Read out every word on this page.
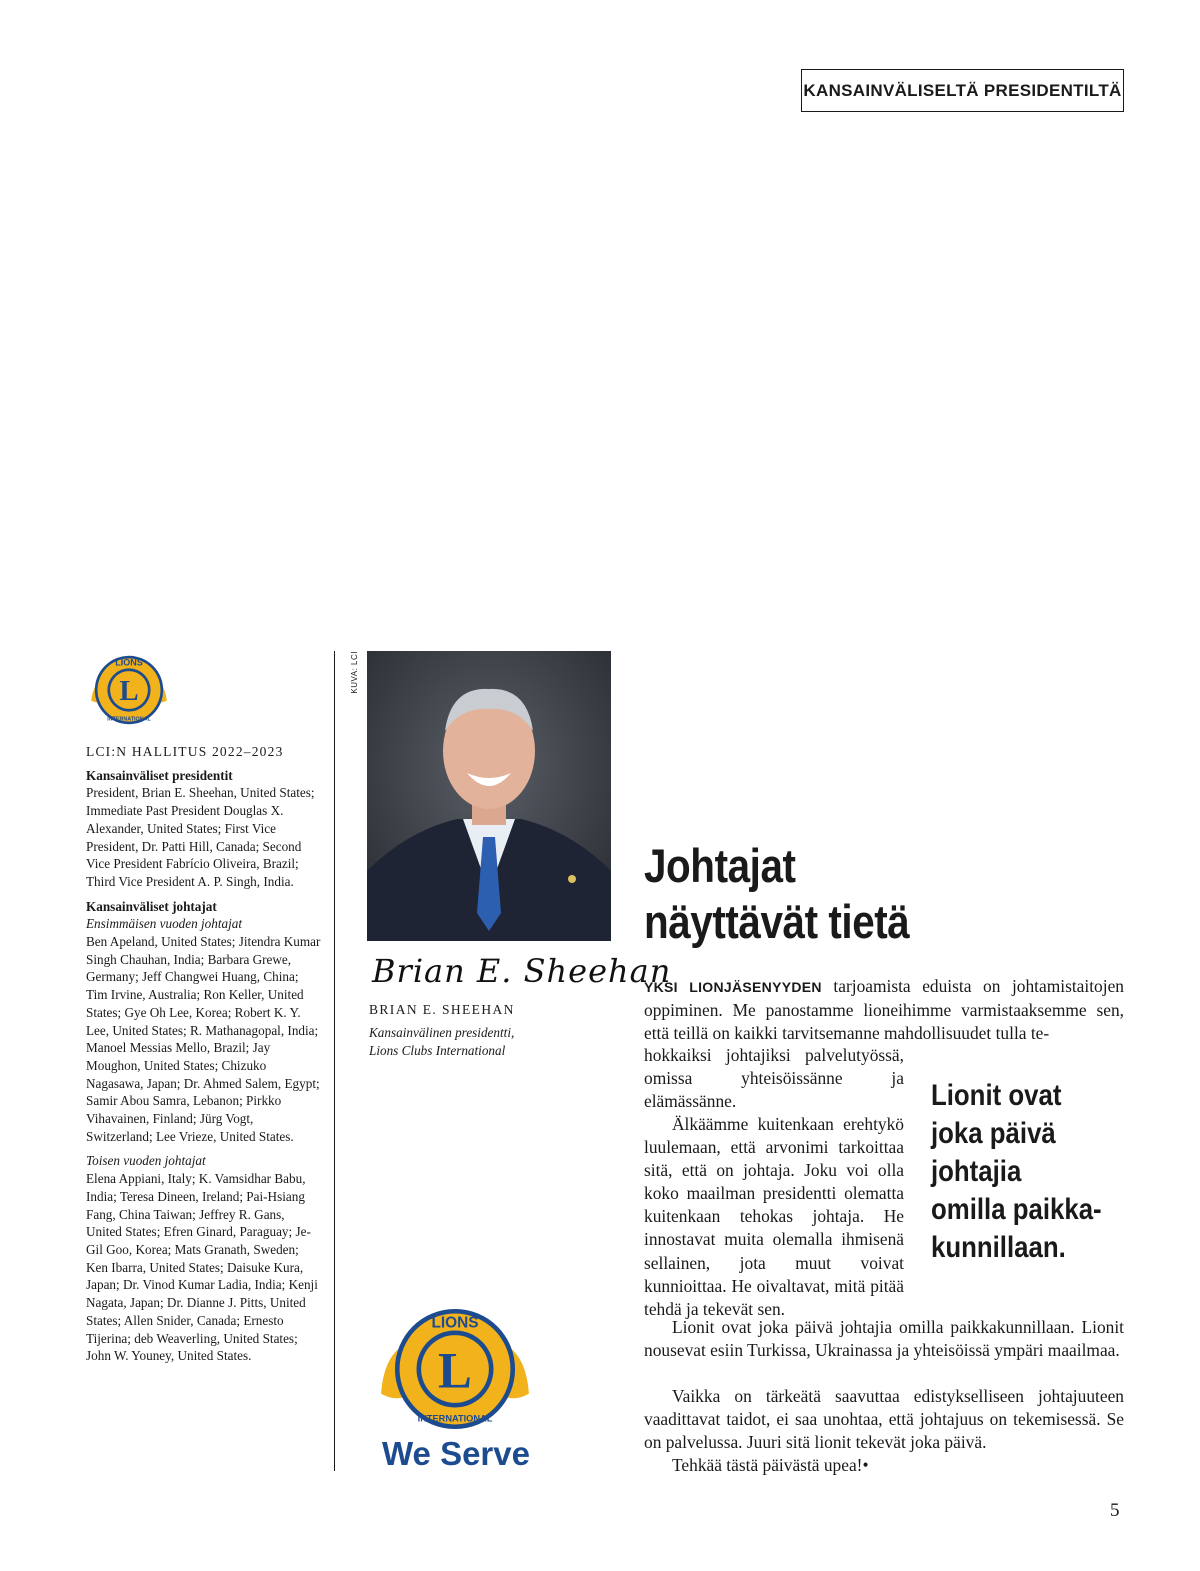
KANSAINVÄLISELTÄ PRESIDENTILTÄ
L
LIONS
INTERNATIONAL
LCI:N HALLITUS 2022–2023

Kansainväliset presidentit
President, Brian E. Sheehan, United States; Immediate Past President Douglas X. Alexander, United States; First Vice President, Dr. Patti Hill, Canada; Second Vice President Fabrício Oliveira, Brazil; Third Vice President A. P. Singh, India.

Kansainväliset johtajat
Ensimmäisen vuoden johtajat
Ben Apeland, United States; Jitendra Kumar Singh Chauhan, India; Barbara Grewe, Germany; Jeff Changwei Huang, China; Tim Irvine, Australia; Ron Keller, United States; Gye Oh Lee, Korea; Robert K. Y. Lee, United States; R. Mathanagopal, India; Manoel Messias Mello, Brazil; Jay Moughon, United States; Chizuko Nagasawa, Japan; Dr. Ahmed Salem, Egypt; Samir Abou Samra, Lebanon; Pirkko Vihavainen, Finland; Jürg Vogt, Switzerland; Lee Vrieze, United States.

Toisen vuoden johtajat
Elena Appiani, Italy; K. Vamsidhar Babu, India; Teresa Dineen, Ireland; Pai-Hsiang Fang, China Taiwan; Jeffrey R. Gans, United States; Efren Ginard, Paraguay; Je-Gil Goo, Korea; Mats Granath, Sweden; Ken Ibarra, United States; Daisuke Kura, Japan; Dr. Vinod Kumar Ladia, India; Kenji Nagata, Japan; Dr. Dianne J. Pitts, United States; Allen Snider, Canada; Ernesto Tijerina; deb Weaverling, United States; John W. Youney, United States.

KUVA: LCI
Brian E. Sheehan
BRIAN E. SHEEHAN
Kansainvälinen presidentti,
Lions Clubs International
L
LIONS
INTERNATIONAL
We Serve
Johtajat
näyttävät tietä

YKSI LIONJÄSENYYDEN tarjoamista eduista on johtamistaitojen oppiminen. Me panostamme lioneihimme varmistaaksemme sen, että teillä on kaikki tarvitsemanne mahdollisuudet tulla te-

hokkaiksi johtajiksi palvelutyössä, omissa yhteisöissänne ja elämässänne.

Älkäämme kuitenkaan erehtykö luulemaan, että arvonimi tarkoittaa sitä, että on johtaja. Joku voi olla koko maailman presidentti olematta kuitenkaan tehokas johtaja. He innostavat muita olemalla ihmisenä sellainen, jota muut voivat kunnioittaa. He oivaltavat, mitä pitää tehdä ja tekevät sen.

Lionit ovat
joka päivä
johtajia
omilla paikka-
kunnillaan.

Lionit ovat joka päivä johtajia omilla paikkakunnillaan. Lionit nousevat esiin Turkissa, Ukrainassa ja yhteisöissä ympäri maailmaa.

Vaikka on tärkeätä saavuttaa edistykselliseen johtajuuteen vaadittavat taidot, ei saa unohtaa, että johtajuus on tekemisessä. Se on palvelussa. Juuri sitä lionit tekevät joka päivä.

Tehkää tästä päivästä upea!•

5
